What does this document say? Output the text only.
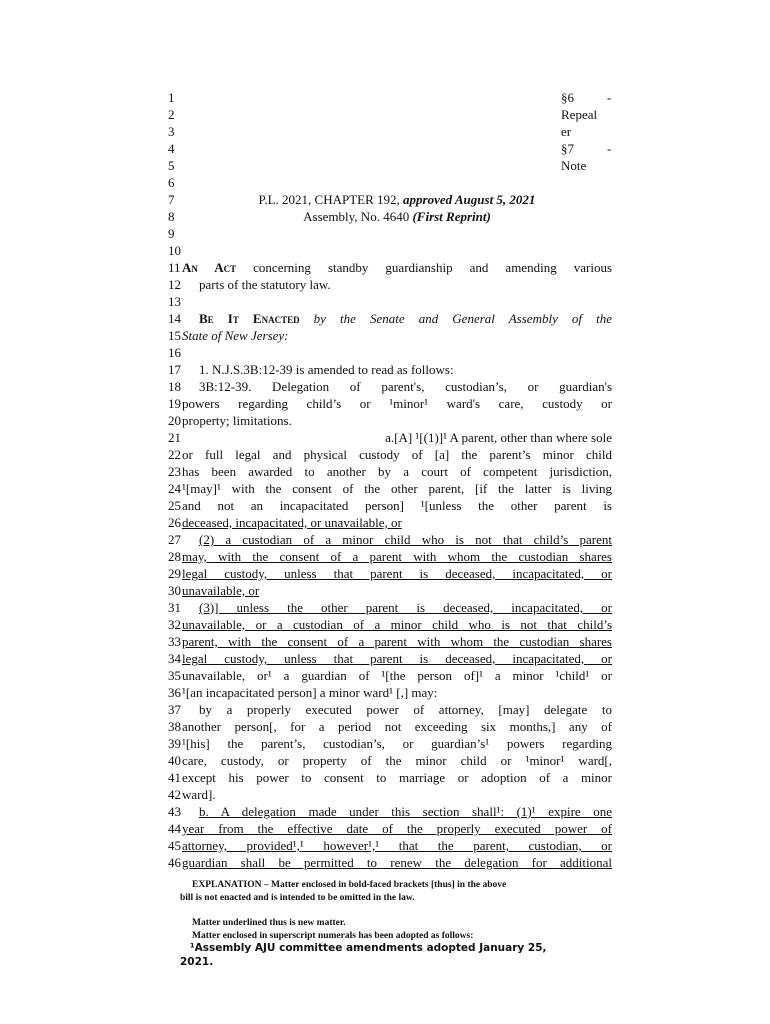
§6	-
Repeal
er
§7	-
Note
1
2
3
4
5
6
7	P.L. 2021, CHAPTER 192, approved August 5, 2021
8	Assembly, No. 4640 (First Reprint)
9
10
11 An Act concerning standby guardianship and amending various
12	parts of the statutory law.
13
14	Be It Enacted by the Senate and General Assembly of the
15 State of New Jersey:
16
17	1. N.J.S.3B:12-39 is amended to read as follows:
18	3B:12-39. Delegation of parent's, custodian’s, or guardian's
19 powers regarding child’s or ¹minor¹ ward's care, custody or
20 property; limitations.
21	a.[A] ¹[(1)]¹ A parent, other than where sole
22 or full legal and physical custody of [a] the parent’s minor child
23 has been awarded to another by a court of competent jurisdiction,
24 ¹[may]¹ with the consent of the other parent, [if the latter is living
25 and not an incapacitated person] ¹[unless the other parent is
26 deceased, incapacitated, or unavailable, or
27	(2) a custodian of a minor child who is not that child’s parent
28 may, with the consent of a parent with whom the custodian shares
29 legal custody, unless that parent is deceased, incapacitated, or
30 unavailable, or
31	(3)] unless the other parent is deceased, incapacitated, or
32 unavailable, or a custodian of a minor child who is not that child’s
33 parent, with the consent of a parent with whom the custodian shares
34 legal custody, unless that parent is deceased, incapacitated, or
35 unavailable, or¹ a guardian of ¹[the person of]¹ a minor ¹child¹ or
36 ¹[an incapacitated person] a minor ward¹ [,] may:
37	by a properly executed power of attorney, [may] delegate to
38 another person[, for a period not exceeding six months,] any of
39 ¹[his] the parent’s, custodian’s, or guardian’s¹ powers regarding
40 care, custody, or property of the minor child or ¹minor¹ ward[,
41 except his power to consent to marriage or adoption of a minor
42 ward].
43	b. A delegation made under this section shall¹: (1)¹ expire one
44 year from the effective date of the properly executed power of
45 attorney, provided¹,¹ however¹,¹ that the parent, custodian, or
46 guardian shall be permitted to renew the delegation for additional
EXPLANATION – Matter enclosed in bold-faced brackets [thus] in the above
bill is not enacted and is intended to be omitted in the law.
Matter underlined thus is new matter.
Matter enclosed in superscript numerals has been adopted as follows:
¹Assembly AJU committee amendments adopted January 25,
2021.
